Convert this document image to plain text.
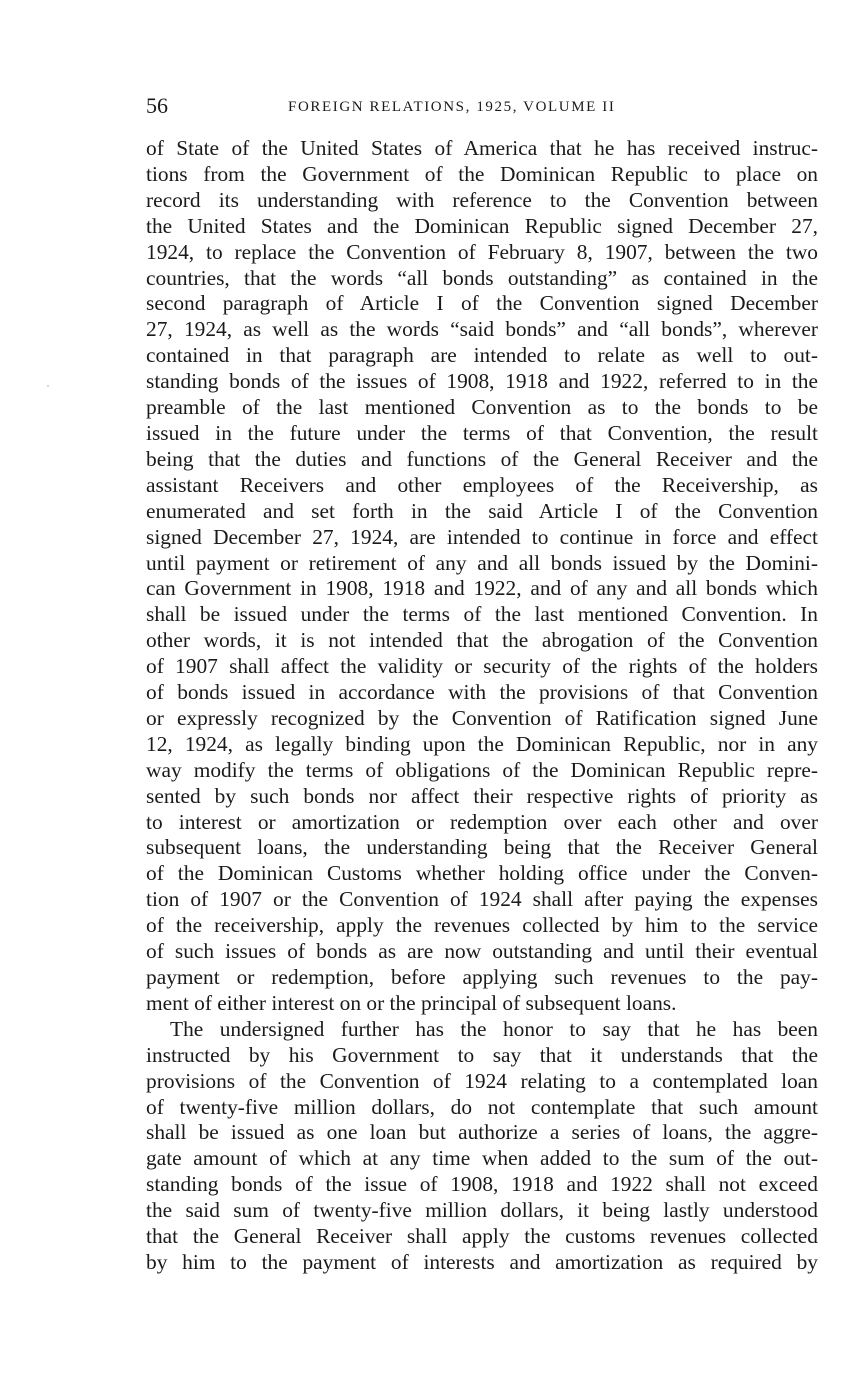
56	FOREIGN RELATIONS, 1925, VOLUME II
of State of the United States of America that he has received instruc-
tions from the Government of the Dominican Republic to place on
record its understanding with reference to the Convention between
the United States and the Dominican Republic signed December 27,
1924, to replace the Convention of February 8, 1907, between the two
countries, that the words “all bonds outstanding” as contained in the
second paragraph of Article I of the Convention signed December
27, 1924, as well as the words “said bonds” and “all bonds”, wherever
contained in that paragraph are intended to relate as well to out-
standing bonds of the issues of 1908, 1918 and 1922, referred to in the
preamble of the last mentioned Convention as to the bonds to be
issued in the future under the terms of that Convention, the result
being that the duties and functions of the General Receiver and the
assistant Receivers and other employees of the Receivership, as
enumerated and set forth in the said Article I of the Convention
signed December 27, 1924, are intended to continue in force and effect
until payment or retirement of any and all bonds issued by the Domini-
can Government in 1908, 1918 and 1922, and of any and all bonds which
shall be issued under the terms of the last mentioned Convention. In
other words, it is not intended that the abrogation of the Convention
of 1907 shall affect the validity or security of the rights of the holders
of bonds issued in accordance with the provisions of that Convention
or expressly recognized by the Convention of Ratification signed June
12, 1924, as legally binding upon the Dominican Republic, nor in any
way modify the terms of obligations of the Dominican Republic repre-
sented by such bonds nor affect their respective rights of priority as
to interest or amortization or redemption over each other and over
subsequent loans, the understanding being that the Receiver General
of the Dominican Customs whether holding office under the Conven-
tion of 1907 or the Convention of 1924 shall after paying the expenses
of the receivership, apply the revenues collected by him to the service
of such issues of bonds as are now outstanding and until their eventual
payment or redemption, before applying such revenues to the pay-
ment of either interest on or the principal of subsequent loans.
The undersigned further has the honor to say that he has been
instructed by his Government to say that it understands that the
provisions of the Convention of 1924 relating to a contemplated loan
of twenty-five million dollars, do not contemplate that such amount
shall be issued as one loan but authorize a series of loans, the aggre-
gate amount of which at any time when added to the sum of the out-
standing bonds of the issue of 1908, 1918 and 1922 shall not exceed
the said sum of twenty-five million dollars, it being lastly understood
that the General Receiver shall apply the customs revenues collected
by him to the payment of interests and amortization as required by
